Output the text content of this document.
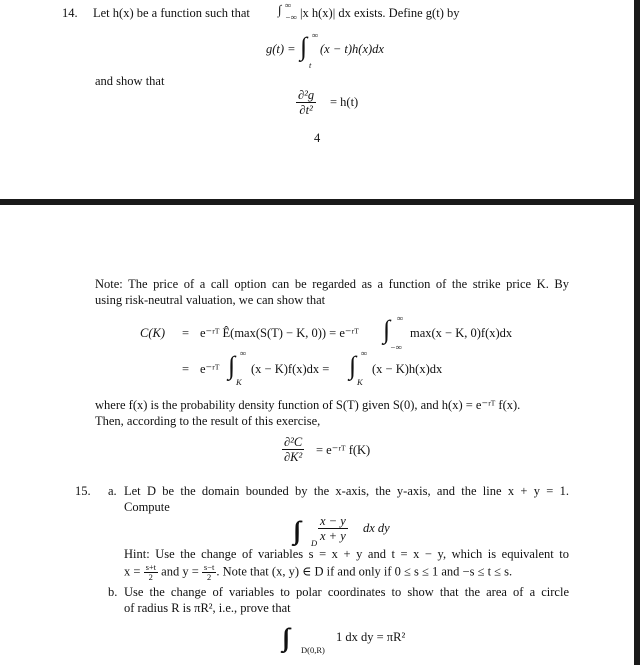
14. Let h(x) be a function such that ∫ ∞
−∞ |x h(x)| dx exists. Define g(t) by
g(t) = ∫ ∞
t
(x − t)h(x)dx
and show that
$\frac{\text{∂²g}}{\text{∂t²}} = h(t)$
4
Note: The price of a call option can be regarded as a function of the strike price K. By
using risk-neutral valuation, we can show that
C(K) = e⁻ʳᵀ Ê(max(S(T) − K, 0)) = e⁻ʳᵀ ∫ ∞
−∞
max(x − K, 0)f(x)dx
= e⁻ʳᵀ ∫ ∞
K
(x − K)f(x)dx = ∫ ∞
K
(x − K)h(x)dx
where f(x) is the probability density function of S(T) given S(0), and h(x) = e⁻ʳᵀ f(x).
Then, according to the result of this exercise,
$\frac{\text{∂²C}}{\text{∂K²}}$ = e⁻ʳᵀ f(K)
15. a. Let D be the domain bounded by the x-axis, the y-axis, and the line x + y = 1.
Compute
∫∫ D $\frac{x - y}{x + y}$ dx dy
Hint: Use the change of variables s = x + y and t = x − y, which is equivalent to
$x = \frac{s+t}{2}$ and $y = \frac{s-t}{2}$ . Note that (x, y) ∈ D if and only if 0 ≤ s ≤ 1 and −s ≤ t ≤ s.
b. Use the change of variables to polar coordinates to show that the area of a circle
of radius R is πR², i.e., prove that
∫∫ D(0,R)
1 dx dy = πR²
